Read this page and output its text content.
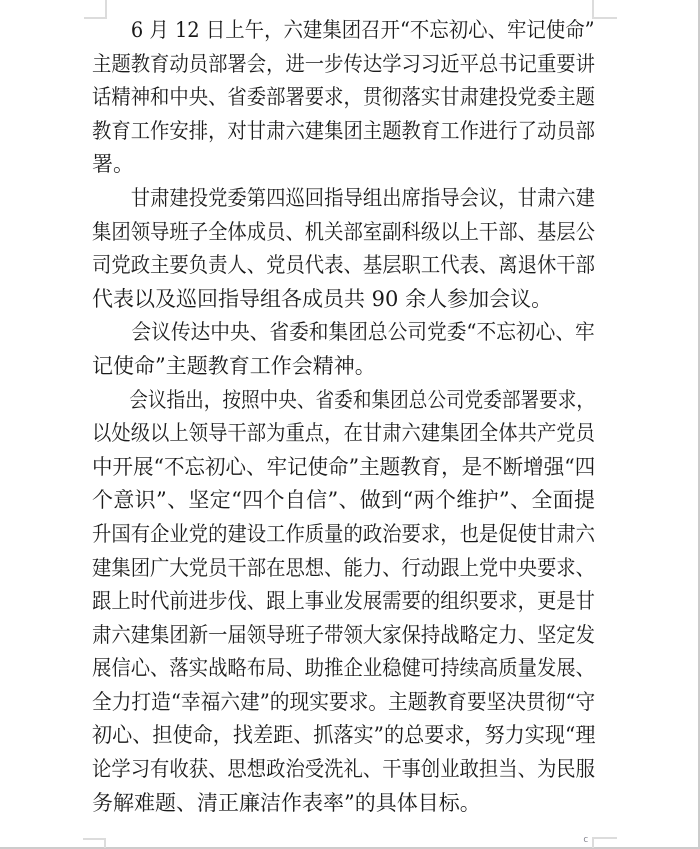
c
6 月 12 日上午，六建集团召开“不忘初心、牢记使命”
主题教育动员部署会，进一步传达学习习近平总书记重要讲
话精神和中央、省委部署要求，贯彻落实甘肃建投党委主题
教育工作安排，对甘肃六建集团主题教育工作进行了动员部
署。
甘肃建投党委第四巡回指导组出席指导会议，甘肃六建
集团领导班子全体成员、机关部室副科级以上干部、基层公
司党政主要负责人、党员代表、基层职工代表、离退休干部
代表以及巡回指导组各成员共 90 余人参加会议。
会议传达中央、省委和集团总公司党委“不忘初心、牢
记使命”主题教育工作会精神。
会议指出，按照中央、省委和集团总公司党委部署要求，
以处级以上领导干部为重点，在甘肃六建集团全体共产党员
中开展“不忘初心、牢记使命”主题教育，是不断增强“四
个意识”、坚定“四个自信”、做到“两个维护”、全面提
升国有企业党的建设工作质量的政治要求，也是促使甘肃六
建集团广大党员干部在思想、能力、行动跟上党中央要求、
跟上时代前进步伐、跟上事业发展需要的组织要求，更是甘
肃六建集团新一届领导班子带领大家保持战略定力、坚定发
展信心、落实战略布局、助推企业稳健可持续高质量发展、
全力打造“幸福六建”的现实要求。主题教育要坚决贯彻“守
初心、担使命，找差距、抓落实”的总要求，努力实现“理
论学习有收获、思想政治受洗礼、干事创业敢担当、为民服
务解难题、清正廉洁作表率”的具体目标。
